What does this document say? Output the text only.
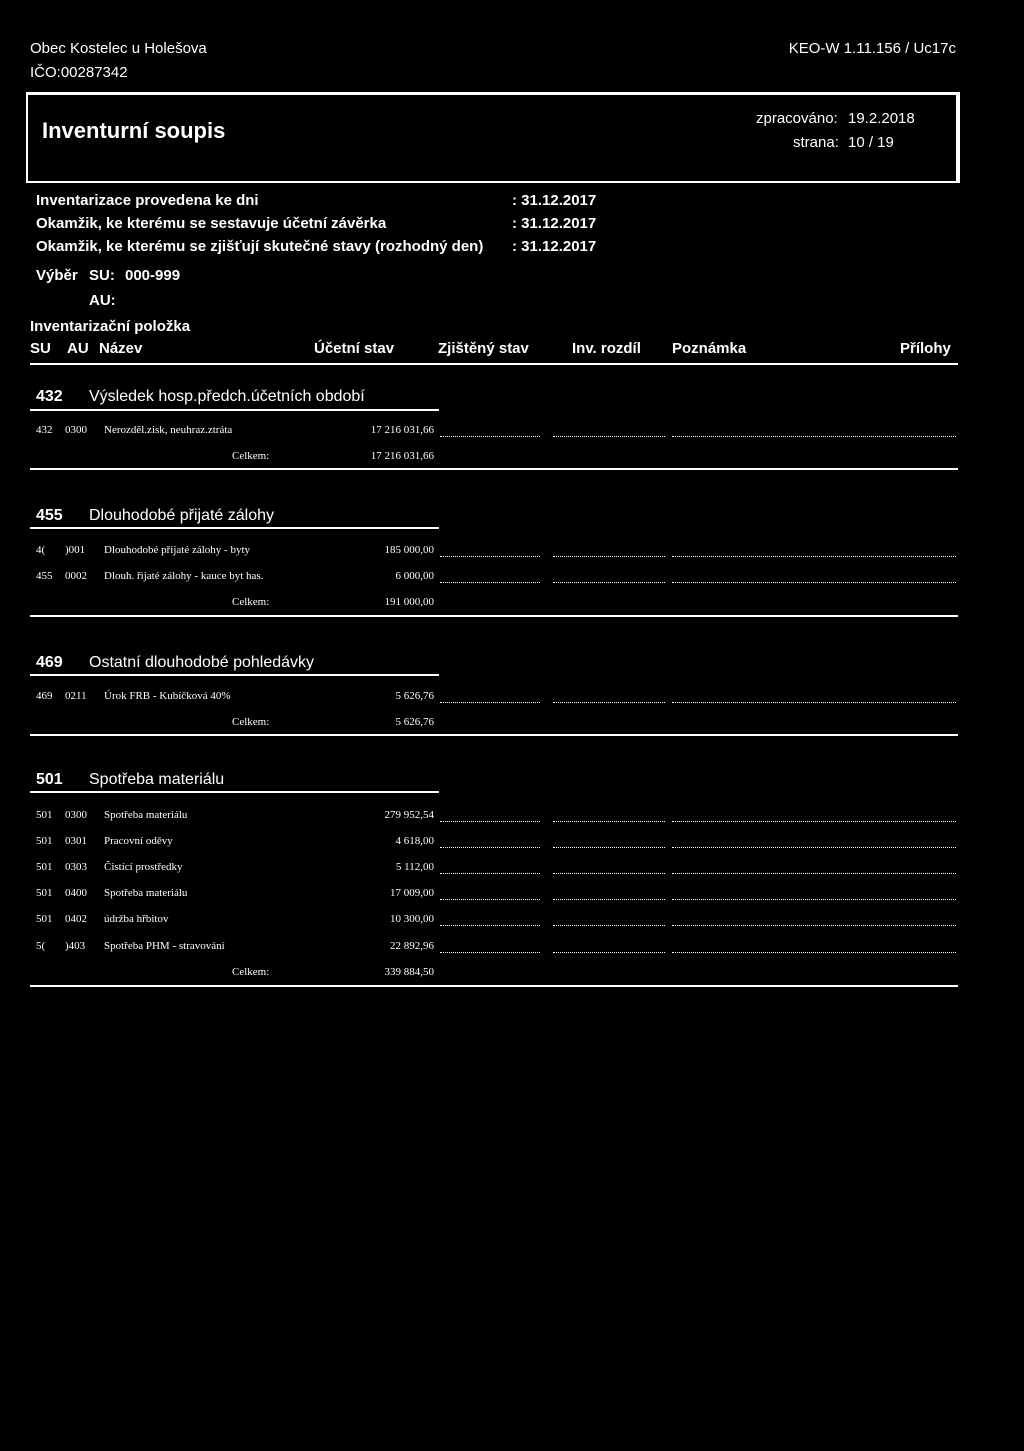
Obec Kostelec u Holešova
IČO:00287342
KEO-W 1.11.156 / Uc17c
Inventurní soupis	zpracováno: 19.2.2018
strana: 10 / 19
Inventarizace provedena ke dni	: 31.12.2017
Okamžik, ke kterému se sestavuje účetní závěrka	: 31.12.2017
Okamžik, ke kterému se zjišťují skutečné stavy (rozhodný den) : 31.12.2017
Výběr SU: 000-999
AU:
Inventarizační položka
SU AU Název	Účetní stav	Zjištěný stav	Inv. rozdíl Poznámka	Přílohy
432 Výsledek hosp.předch.účetních období
432 0300 Nerozděl.zisk, neuhraz.ztráta	17 216 031,66
Celkem:	17 216 031,66
455 Dlouhodobé přijaté zálohy
4( )001 Dlouhodobé přijaté zálohy - byty	185 000,00
455 0002 Dlouh. řijaté zálohy - kauce byt has.	6 000,00
Celkem:	191 000,00
469 Ostatní dlouhodobé pohledávky
469 0211 Úrok FRB - Kubíčková 40%	5 626,76
Celkem:	5 626,76
501 Spotřeba materiálu
501 0300 Spotřeba materiálu	279 952,54
501 0301 Pracovní oděvy	4 618,00
501 0303 Čistící prostředky	5 112,00
501 0400 Spotřeba materiálu	17 009,00
501 0402 údržba hřbitov	10 300,00
5( )403 Spotřeba PHM - stravování	22 892,96
Celkem:	339 884,50
